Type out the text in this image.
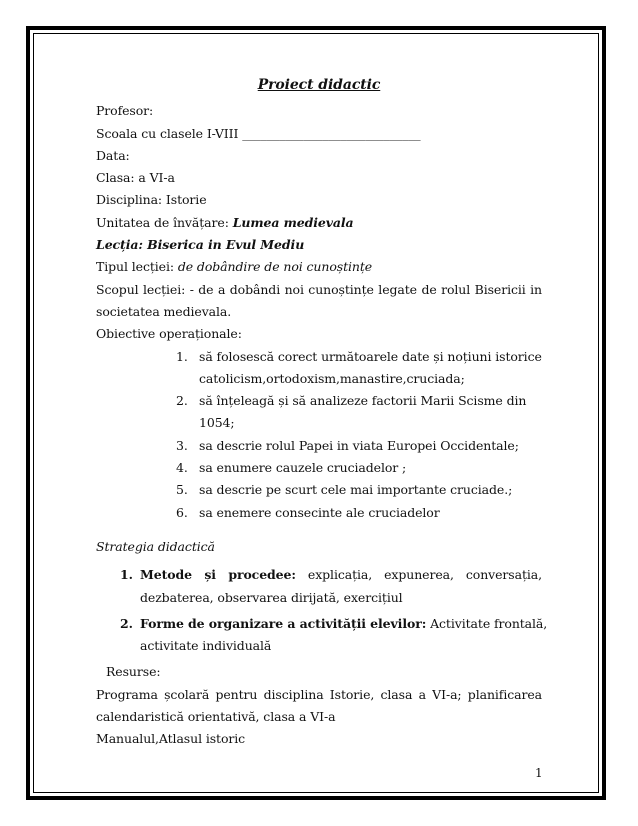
Proiect didactic
Profesor:
Scoala cu clasele I-VIII _____________________________
Data:
Clasa: a VI-a
Disciplina: Istorie
Unitatea de învățare: Lumea medievala
Lecția: Biserica in Evul Mediu
Tipul lecției: de dobândire de noi cunoștințe
Scopul lecției: - de a dobândi noi cunoștințe legate de rolul Bisericii in
societatea medievala.
Obiective operaționale:
1. să folosescă corect următoarele date și noțiuni istorice
catolicism,ortodoxism,manastire,cruciada;
2. să înțeleagă și să analizeze factorii Marii Scisme din
1054;
3. sa descrie rolul Papei in viata Europei Occidentale;
4. sa enumere cauzele cruciadelor ;
5. sa descrie pe scurt cele mai importante cruciade.;
6. sa enemere consecinte ale cruciadelor
Strategia didactică
1. Metode și procedee: explicația, expunerea, conversația,
dezbaterea, observarea dirijată, exercițiul
2. Forme de organizare a activității elevilor: Activitate frontală,
activitate individuală
Resurse:
Programa școlară pentru disciplina Istorie, clasa a VI-a; planificarea
calendaristică orientativă, clasa a VI-a
Manualul,Atlasul istoric
1
